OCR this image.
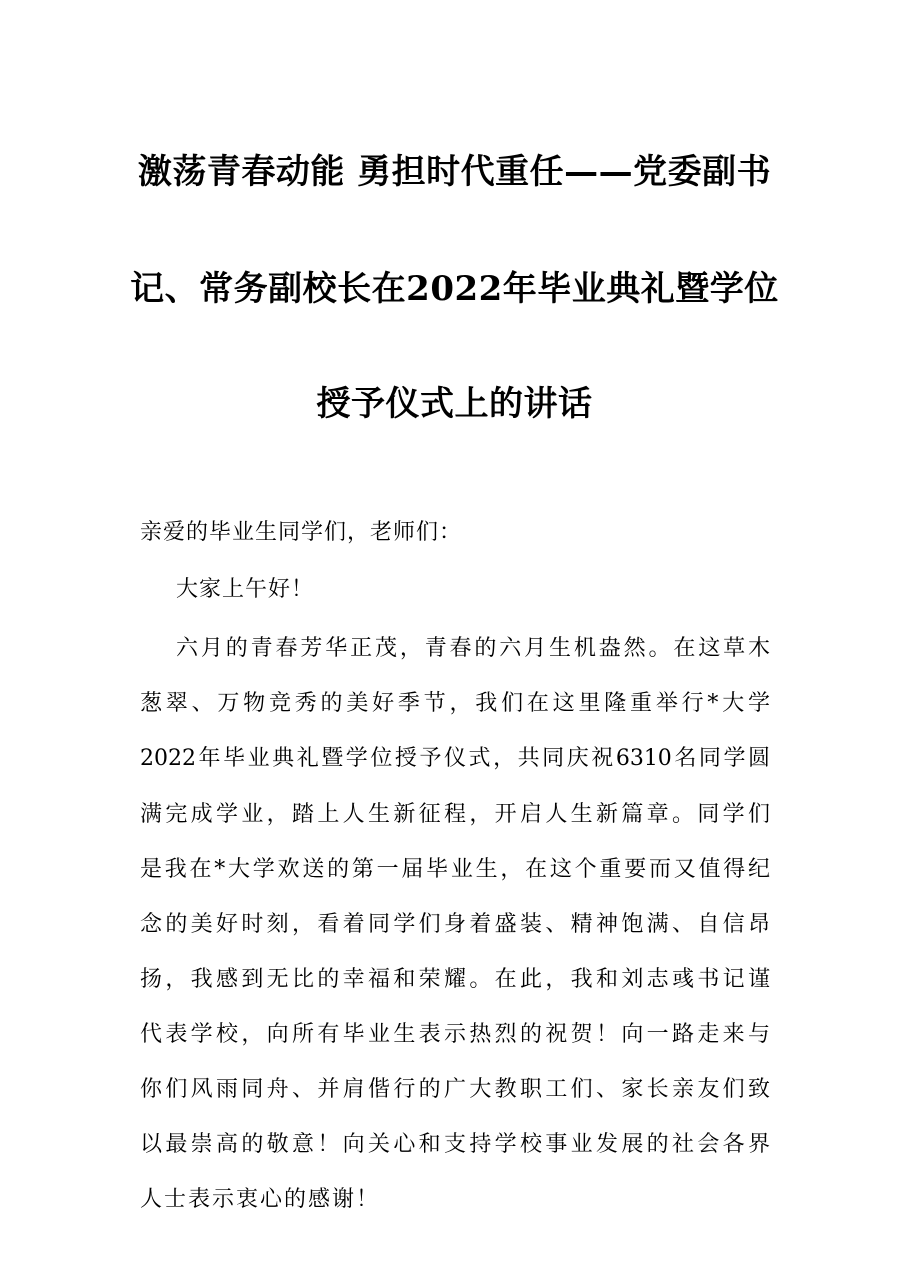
激荡青春动能 勇担时代重任——党委副书
记、常务副校长在2022年毕业典礼暨学位
授予仪式上的讲话
亲爱的毕业生同学们，老师们：
大家上午好！
六月的青春芳华正茂，青春的六月生机盎然。在这草木
葱翠、万物竞秀的美好季节，我们在这里隆重举行*大学
2022年毕业典礼暨学位授予仪式，共同庆祝6310名同学圆
满完成学业，踏上人生新征程，开启人生新篇章。同学们
是我在*大学欢送的第一届毕业生，在这个重要而又值得纪
念的美好时刻，看着同学们身着盛装、精神饱满、自信昂
扬，我感到无比的幸福和荣耀。在此，我和刘志彧书记谨
代表学校，向所有毕业生表示热烈的祝贺！向一路走来与
你们风雨同舟、并肩偕行的广大教职工们、家长亲友们致
以最崇高的敬意！向关心和支持学校事业发展的社会各界
人士表示衷心的感谢！
